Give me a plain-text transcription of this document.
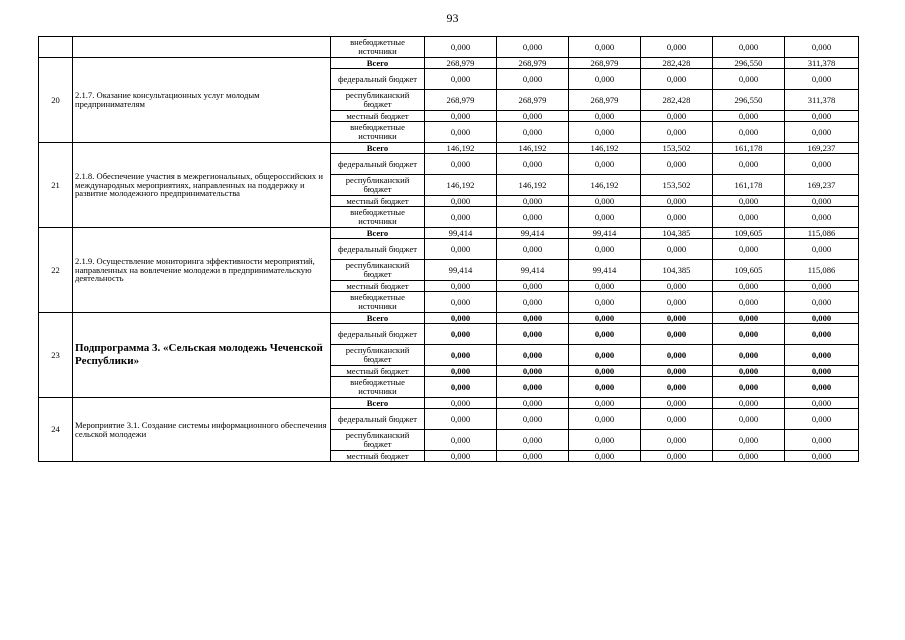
93
		внебюджетные источники	0,000	0,000	0,000	0,000	0,000	0,000
20	2.1.7. Оказание консультационных услуг молодым предпринимателям	Всего	268,979	268,979	268,979	282,428	296,550	311,378
		федеральный бюджет	0,000	0,000	0,000	0,000	0,000	0,000
		республиканский бюджет	268,979	268,979	268,979	282,428	296,550	311,378
		местный бюджет	0,000	0,000	0,000	0,000	0,000	0,000
		внебюджетные источники	0,000	0,000	0,000	0,000	0,000	0,000
21	2.1.8. Обеспечение участия в межрегиональных, общероссийских и международных мероприятиях, направленных на поддержку и развитие молодежного предпринимательства	Всего	146,192	146,192	146,192	153,502	161,178	169,237
		федеральный бюджет	0,000	0,000	0,000	0,000	0,000	0,000
		республиканский бюджет	146,192	146,192	146,192	153,502	161,178	169,237
		местный бюджет	0,000	0,000	0,000	0,000	0,000	0,000
		внебюджетные источники	0,000	0,000	0,000	0,000	0,000	0,000
22	2.1.9. Осуществление мониторинга эффективности мероприятий, направленных на вовлечение молодежи в предпринимательскую деятельность	Всего	99,414	99,414	99,414	104,385	109,605	115,086
		федеральный бюджет	0,000	0,000	0,000	0,000	0,000	0,000
		республиканский бюджет	99,414	99,414	99,414	104,385	109,605	115,086
		местный бюджет	0,000	0,000	0,000	0,000	0,000	0,000
		внебюджетные источники	0,000	0,000	0,000	0,000	0,000	0,000
23	Подпрограмма 3. «Сельская молодежь Чеченской Республики»	Всего	0,000	0,000	0,000	0,000	0,000	0,000
		федеральный бюджет	0,000	0,000	0,000	0,000	0,000	0,000
		республиканский бюджет	0,000	0,000	0,000	0,000	0,000	0,000
		местный бюджет	0,000	0,000	0,000	0,000	0,000	0,000
		внебюджетные источники	0,000	0,000	0,000	0,000	0,000	0,000
24	Мероприятие 3.1. Создание системы информационного обеспечения сельской молодежи	Всего	0,000	0,000	0,000	0,000	0,000	0,000
		федеральный бюджет	0,000	0,000	0,000	0,000	0,000	0,000
		республиканский бюджет	0,000	0,000	0,000	0,000	0,000	0,000
		местный бюджет	0,000	0,000	0,000	0,000	0,000	0,000
